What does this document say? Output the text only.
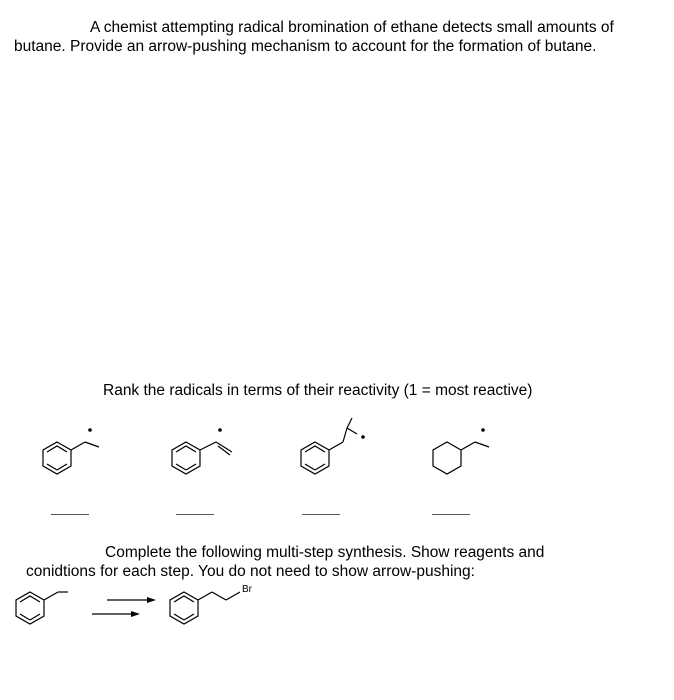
A chemist attempting radical bromination of ethane detects small amounts of butane. Provide an arrow-pushing mechanism to account for the formation of butane.
Rank the radicals in terms of their reactivity (1 = most reactive)
Br
Complete the following multi-step synthesis. Show reagents and
conidtions for each step. You do not need to show arrow-pushing:
